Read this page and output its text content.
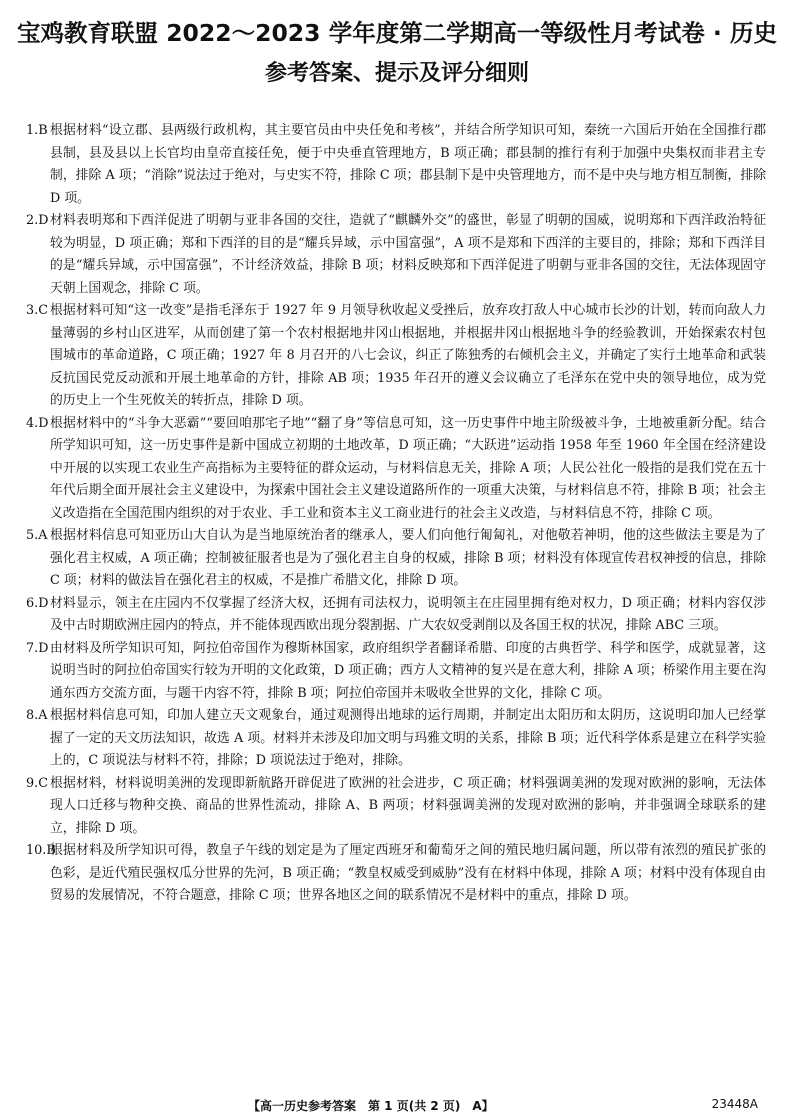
宝鸡教育联盟 2022～2023 学年度第二学期高一等级性月考试卷 · 历史
参考答案、提示及评分细则
1.B 根据材料“设立郡、县两级行政机构，其主要官员由中央任免和考核”，并结合所学知识可知，秦统一六国后开始在全国推行郡县制，县及县以上长官均由皇帝直接任免，便于中央垂直管理地方，B 项正确；郡县制的推行有利于加强中央集权而非君主专制，排除 A 项；“消除”说法过于绝对，与史实不符，排除 C 项；郡县制下是中央管理地方，而不是中央与地方相互制衡，排除 D 项。
2.D 材料表明郑和下西洋促进了明朝与亚非各国的交往，造就了“麒麟外交”的盛世，彰显了明朝的国威，说明郑和下西洋政治特征较为明显，D 项正确；郑和下西洋的目的是“耀兵异域，示中国富强”，A 项不是郑和下西洋的主要目的，排除；郑和下西洋目的是“耀兵异域，示中国富强”，不计经济效益，排除 B 项；材料反映郑和下西洋促进了明朝与亚非各国的交往，无法体现固守天朝上国观念，排除 C 项。
3.C 根据材料可知“这一改变”是指毛泽东于 1927 年 9 月领导秋收起义受挫后，放弃攻打敌人中心城市长沙的计划，转而向敌人力量薄弱的乡村山区进军，从而创建了第一个农村根据地井冈山根据地，并根据井冈山根据地斗争的经验教训，开始探索农村包围城市的革命道路，C 项正确；1927 年 8 月召开的八七会议，纠正了陈独秀的右倾机会主义，并确定了实行土地革命和武装反抗国民党反动派和开展土地革命的方针，排除 AB 项；1935 年召开的遵义会议确立了毛泽东在党中央的领导地位，成为党的历史上一个生死攸关的转折点，排除 D 项。
4.D 根据材料中的“斗争大恶霸”“要回咱那宅子地”“翻了身”等信息可知，这一历史事件中地主阶级被斗争，土地被重新分配。结合所学知识可知，这一历史事件是新中国成立初期的土地改革，D 项正确；“大跃进”运动指 1958 年至 1960 年全国在经济建设中开展的以实现工农业生产高指标为主要特征的群众运动，与材料信息无关，排除 A 项；人民公社化一般指的是我们党在五十年代后期全面开展社会主义建设中，为探索中国社会主义建设道路所作的一项重大决策，与材料信息不符，排除 B 项；社会主义改造指在全国范围内组织的对于农业、手工业和资本主义工商业进行的社会主义改造，与材料信息不符，排除 C 项。
5.A 根据材料信息可知亚历山大自认为是当地原统治者的继承人，要人们向他行匍匐礼，对他敬若神明，他的这些做法主要是为了强化君主权威，A 项正确；控制被征服者也是为了强化君主自身的权威，排除 B 项；材料没有体现宣传君权神授的信息，排除 C 项；材料的做法旨在强化君主的权威，不是推广希腊文化，排除 D 项。
6.D 材料显示，领主在庄园内不仅掌握了经济大权，还拥有司法权力，说明领主在庄园里拥有绝对权力，D 项正确；材料内容仅涉及中古时期欧洲庄园内的特点，并不能体现西欧出现分裂割据、广大农奴受剥削以及各国王权的状况，排除 ABC 三项。
7.D 由材料及所学知识可知，阿拉伯帝国作为穆斯林国家，政府组织学者翻译希腊、印度的古典哲学、科学和医学，成就显著，这说明当时的阿拉伯帝国实行较为开明的文化政策，D 项正确；西方人文精神的复兴是在意大利，排除 A 项；桥梁作用主要在沟通东西方交流方面，与题干内容不符，排除 B 项；阿拉伯帝国并未吸收全世界的文化，排除 C 项。
8.A 根据材料信息可知，印加人建立天文观象台，通过观测得出地球的运行周期，并制定出太阳历和太阴历，这说明印加人已经掌握了一定的天文历法知识，故选 A 项。材料并未涉及印加文明与玛雅文明的关系，排除 B 项；近代科学体系是建立在科学实验上的，C 项说法与材料不符，排除；D 项说法过于绝对，排除。
9.C 根据材料，材料说明美洲的发现即新航路开辟促进了欧洲的社会进步，C 项正确；材料强调美洲的发现对欧洲的影响，无法体现人口迁移与物种交换、商品的世界性流动，排除 A、B 两项；材料强调美洲的发现对欧洲的影响，并非强调全球联系的建立，排除 D 项。
10.B
根据材料及所学知识可得，教皇子午线的划定是为了厘定西班牙和葡萄牙之间的殖民地归属问题，所以带有浓烈的殖民扩张的色彩，是近代殖民强权瓜分世界的先河，B 项正确；“教皇权威受到威胁”没有在材料中体现，排除 A 项；材料中没有体现自由贸易的发展情况，不符合题意，排除 C 项；世界各地区之间的联系情况不是材料中的重点，排除 D 项。
【高一历史参考答案　第 1 页(共 2 页)　A】	23448A
